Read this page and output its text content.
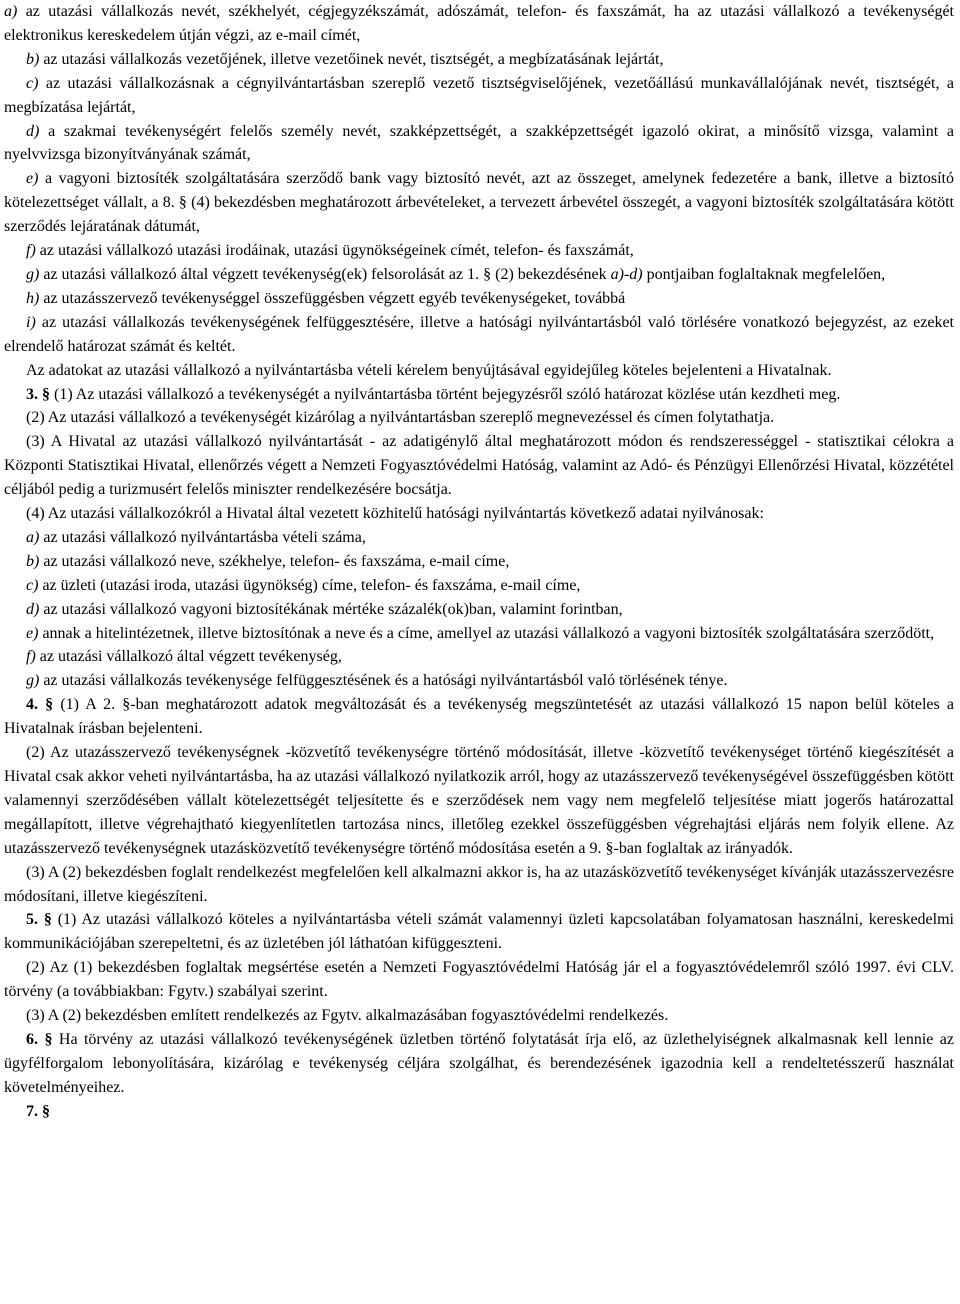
a) az utazási vállalkozás nevét, székhelyét, cégjegyzékszámát, adószámát, telefon- és faxszámát, ha az utazási vállalkozó a tevékenységét elektronikus kereskedelem útján végzi, az e-mail címét,

b) az utazási vállalkozás vezetőjének, illetve vezetőinek nevét, tisztségét, a megbízatásának lejártát,

c) az utazási vállalkozásnak a cégnyilvántartásban szereplő vezető tisztségviselőjének, vezetőállású munkavállalójának nevét, tisztségét, a megbízatása lejártát,

d) a szakmai tevékenységért felelős személy nevét, szakképzettségét, a szakképzettségét igazoló okirat, a minősítő vizsga, valamint a nyelvvizsga bizonyítványának számát,

e) a vagyoni biztosíték szolgáltatására szerződő bank vagy biztosító nevét, azt az összeget, amelynek fedezetére a bank, illetve a biztosító kötelezettséget vállalt, a 8. § (4) bekezdésben meghatározott árbevételeket, a tervezett árbevétel összegét, a vagyoni biztosíték szolgáltatására kötött szerződés lejáratának dátumát,

f) az utazási vállalkozó utazási irodáinak, utazási ügynökségeinek címét, telefon- és faxszámát,

g) az utazási vállalkozó által végzett tevékenység(ek) felsorolását az 1. § (2) bekezdésének a)-d) pontjaiban foglaltaknak megfelelően,

h) az utazásszervező tevékenységgel összefüggésben végzett egyéb tevékenységeket, továbbá

i) az utazási vállalkozás tevékenységének felfüggesztésére, illetve a hatósági nyilvántartásból való törlésére vonatkozó bejegyzést, az ezeket elrendelő határozat számát és keltét.

Az adatokat az utazási vállalkozó a nyilvántartásba vételi kérelem benyújtásával egyidejűleg köteles bejelenteni a Hivatalnak.

3. § (1) Az utazási vállalkozó a tevékenységét a nyilvántartásba történt bejegyzésről szóló határozat közlése után kezdheti meg.

(2) Az utazási vállalkozó a tevékenységét kizárólag a nyilvántartásban szereplő megnevezéssel és címen folytathatja.

(3) A Hivatal az utazási vállalkozó nyilvántartását - az adatigénylő által meghatározott módon és rendszerességgel - statisztikai célokra a Központi Statisztikai Hivatal, ellenőrzés végett a Nemzeti Fogyasztóvédelmi Hatóság, valamint az Adó- és Pénzügyi Ellenőrzési Hivatal, közzététel céljából pedig a turizmusért felelős miniszter rendelkezésére bocsátja.

(4) Az utazási vállalkozókról a Hivatal által vezetett közhitelű hatósági nyilvántartás következő adatai nyilvánosak:

a) az utazási vállalkozó nyilvántartásba vételi száma,

b) az utazási vállalkozó neve, székhelye, telefon- és faxszáma, e-mail címe,

c) az üzleti (utazási iroda, utazási ügynökség) címe, telefon- és faxszáma, e-mail címe,

d) az utazási vállalkozó vagyoni biztosítékának mértéke százalék(ok)ban, valamint forintban,

e) annak a hitelintézetnek, illetve biztosítónak a neve és a címe, amellyel az utazási vállalkozó a vagyoni biztosíték szolgáltatására szerződött,

f) az utazási vállalkozó által végzett tevékenység,

g) az utazási vállalkozás tevékenysége felfüggesztésének és a hatósági nyilvántartásból való törlésének ténye.

4. § (1) A 2. §-ban meghatározott adatok megváltozását és a tevékenység megszüntetését az utazási vállalkozó 15 napon belül köteles a Hivatalnak írásban bejelenteni.

(2) Az utazásszervező tevékenységnek -közvetítő tevékenységre történő módosítását, illetve -közvetítő tevékenységet történő kiegészítését a Hivatal csak akkor veheti nyilvántartásba, ha az utazási vállalkozó nyilatkozik arról, hogy az utazásszervező tevékenységével összefüggésben kötött valamennyi szerződésében vállalt kötelezettségét teljesítette és e szerződések nem vagy nem megfelelő teljesítése miatt jogerős határozattal megállapított, illetve végrehajtható kiegyenlítetlen tartozása nincs, illetőleg ezekkel összefüggésben végrehajtási eljárás nem folyik ellene. Az utazásszervező tevékenységnek utazásközvetítő tevékenységre történő módosítása esetén a 9. §-ban foglaltak az irányadók.

(3) A (2) bekezdésben foglalt rendelkezést megfelelően kell alkalmazni akkor is, ha az utazásközvetítő tevékenységet kívánják utazásszervezésre módosítani, illetve kiegészíteni.

5. § (1) Az utazási vállalkozó köteles a nyilvántartásba vételi számát valamennyi üzleti kapcsolatában folyamatosan használni, kereskedelmi kommunikációjában szerepeltetni, és az üzletében jól láthatóan kifüggeszteni.

(2) Az (1) bekezdésben foglaltak megsértése esetén a Nemzeti Fogyasztóvédelmi Hatóság jár el a fogyasztóvédelemről szóló 1997. évi CLV. törvény (a továbbiakban: Fgytv.) szabályai szerint.

(3) A (2) bekezdésben említett rendelkezés az Fgytv. alkalmazásában fogyasztóvédelmi rendelkezés.

6. § Ha törvény az utazási vállalkozó tevékenységének üzletben történő folytatását írja elő, az üzlethelyiségnek alkalmasnak kell lennie az ügyfélforgalom lebonyolítására, kizárólag e tevékenység céljára szolgálhat, és berendezésének igazodnia kell a rendeltetésszerű használat követelményeihez.

7. §
